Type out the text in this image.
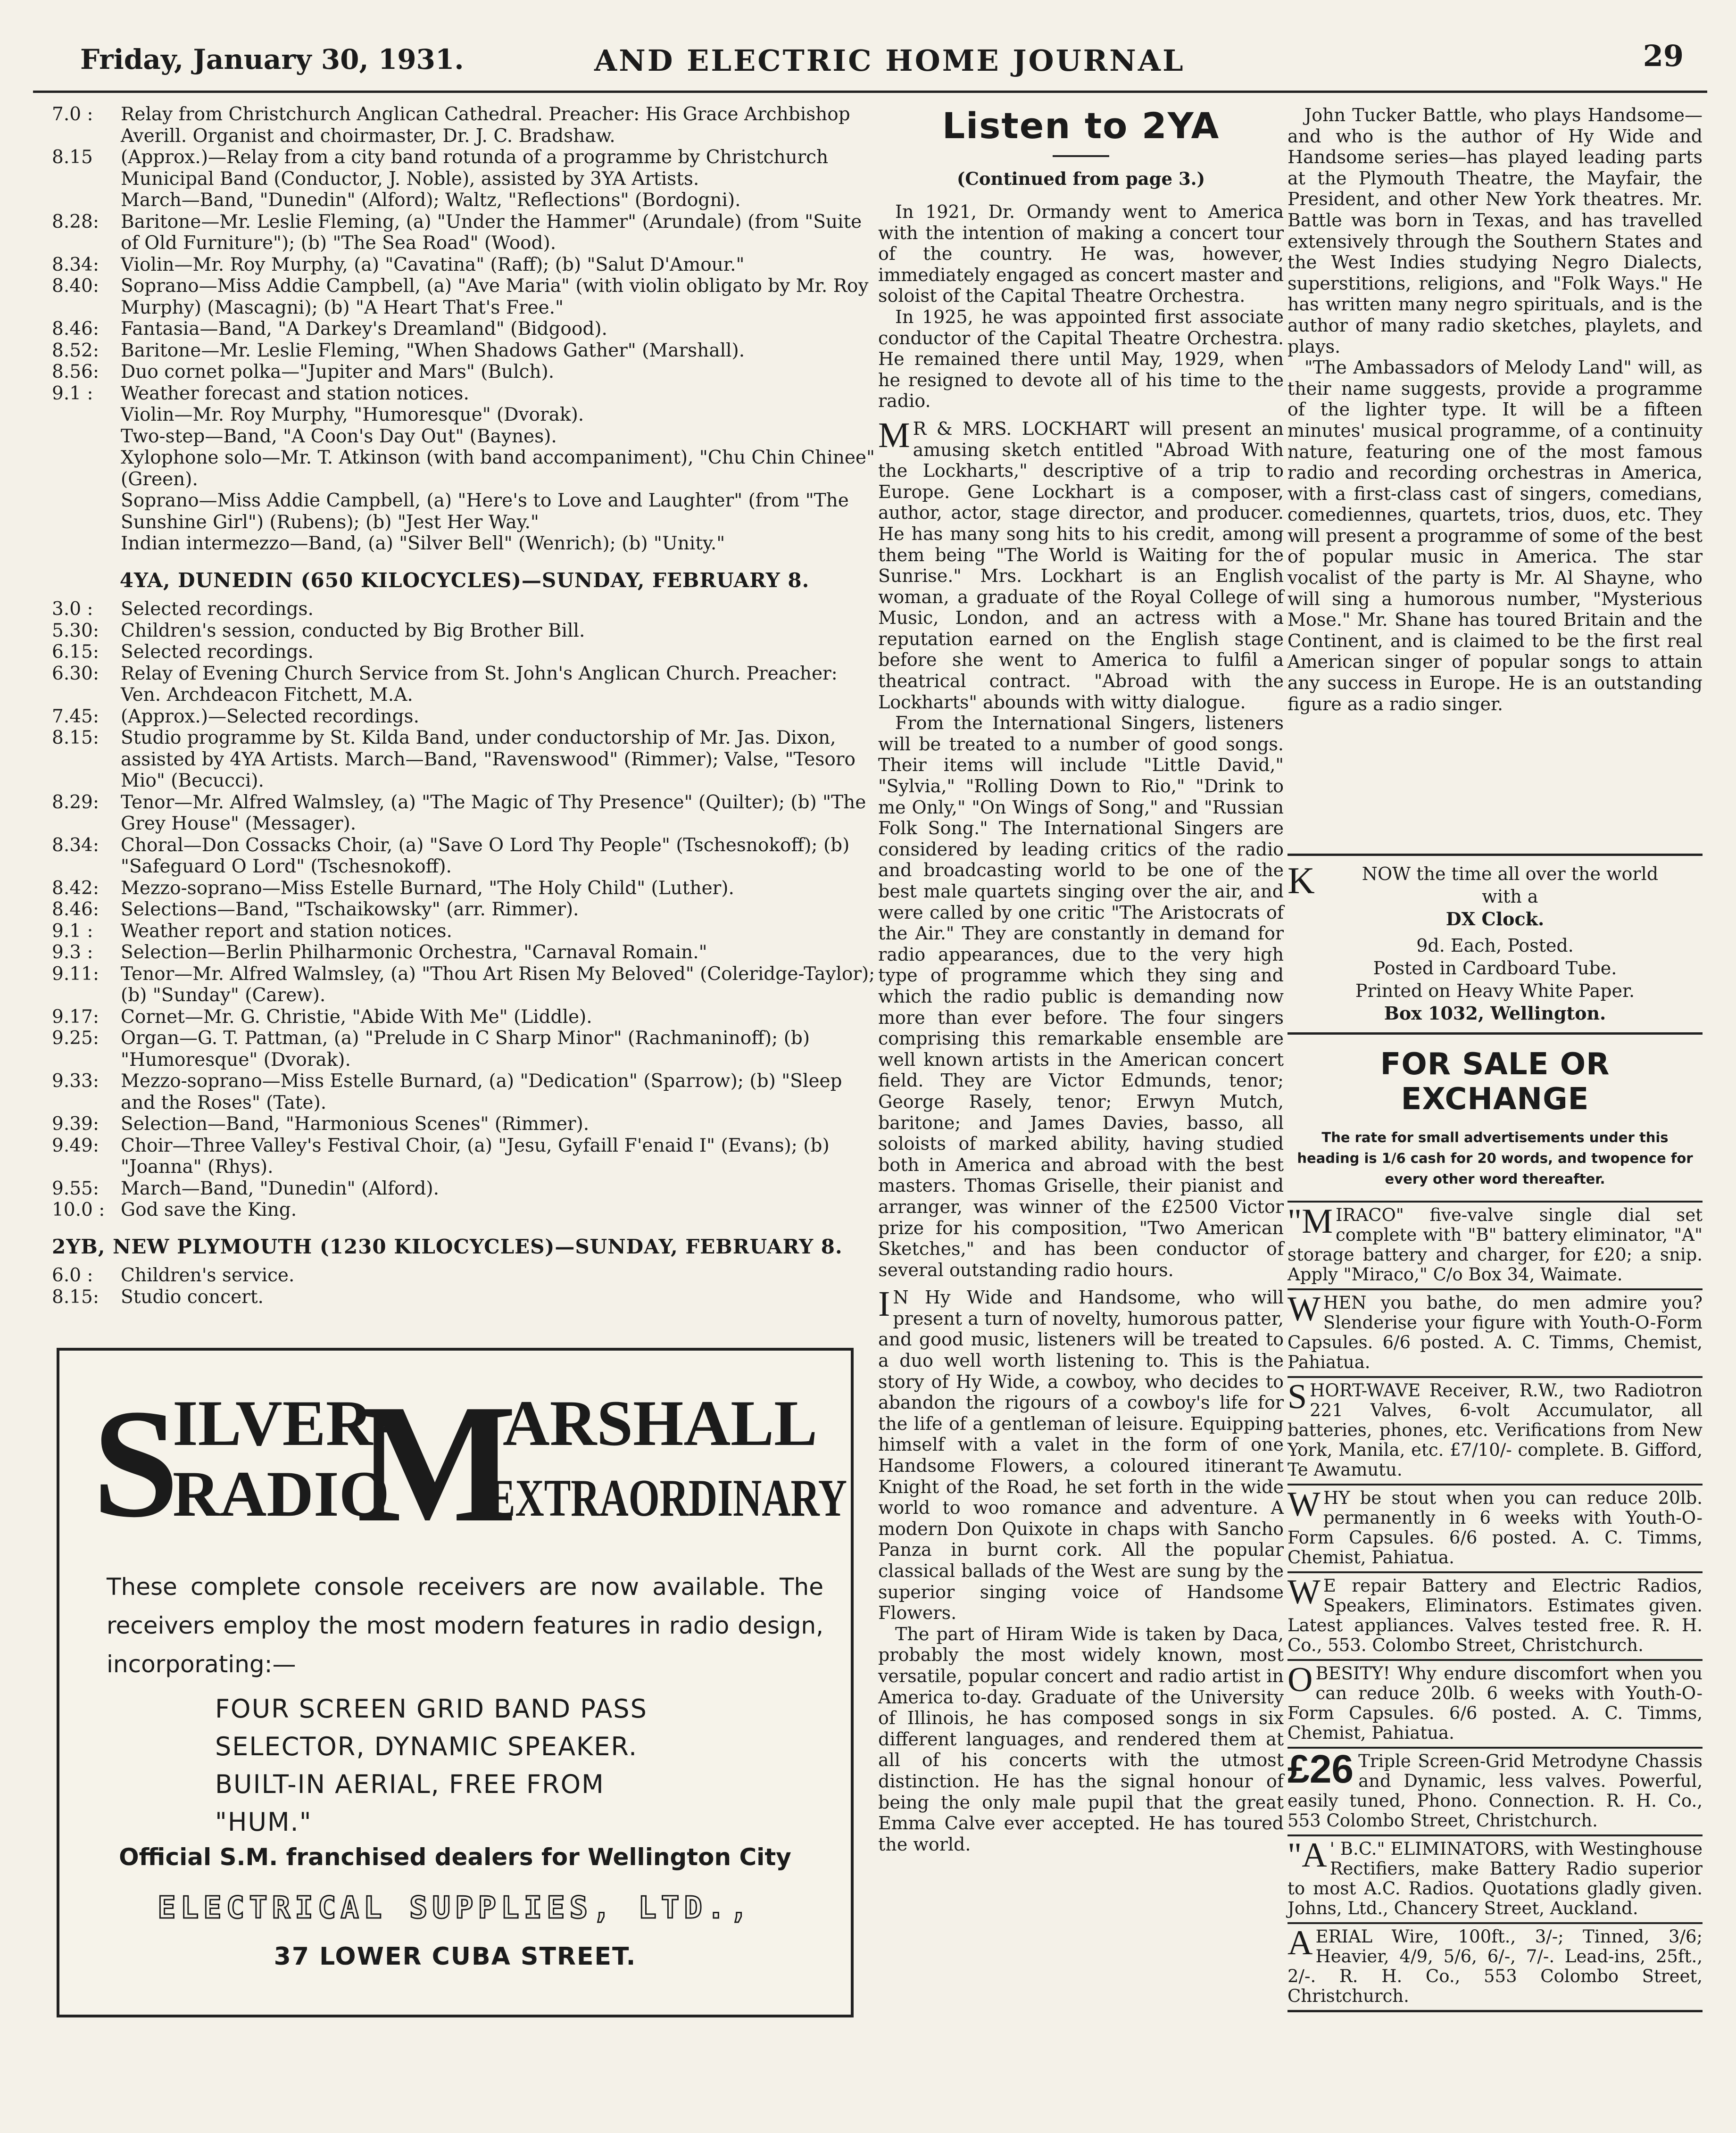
Friday, January 30, 1931.	AND ELECTRIC HOME JOURNAL	29
7.0 :	Relay from Christchurch Anglican Cathedral. Preacher: His Grace Archbishop Averill. Organist and choirmaster, Dr. J. C. Bradshaw.
8.15	(Approx.)—Relay from a city band rotunda of a programme by Christchurch Municipal Band (Conductor, J. Noble), assisted by 3YA Artists.
March—Band, "Dunedin" (Alford); Waltz, "Reflections" (Bordogni).
8.28:	Baritone—Mr. Leslie Fleming, (a) "Under the Hammer" (Arundale) (from "Suite of Old Furniture"); (b) "The Sea Road" (Wood).
8.34:	Violin—Mr. Roy Murphy, (a) "Cavatina" (Raff); (b) "Salut D'Amour."
8.40:	Soprano—Miss Addie Campbell, (a) "Ave Maria" (with violin obligato by Mr. Roy Murphy) (Mascagni); (b) "A Heart That's Free."
8.46:	Fantasia—Band, "A Darkey's Dreamland" (Bidgood).
8.52:	Baritone—Mr. Leslie Fleming, "When Shadows Gather" (Marshall).
8.56:	Duo cornet polka—"Jupiter and Mars" (Bulch).
9.1 :	Weather forecast and station notices.
Violin—Mr. Roy Murphy, "Humoresque" (Dvorak).
Two-step—Band, "A Coon's Day Out" (Baynes).
Xylophone solo—Mr. T. Atkinson (with band accompaniment), "Chu Chin Chinee" (Green).
Soprano—Miss Addie Campbell, (a) "Here's to Love and Laughter" (from "The Sunshine Girl") (Rubens); (b) "Jest Her Way."
Indian intermezzo—Band, (a) "Silver Bell" (Wenrich); (b) "Unity."
4YA, DUNEDIN (650 KILOCYCLES)—SUNDAY, FEBRUARY 8.
3.0 :	Selected recordings.
5.30:	Children's session, conducted by Big Brother Bill.
6.15:	Selected recordings.
6.30:	Relay of Evening Church Service from St. John's Anglican Church. Preacher: Ven. Archdeacon Fitchett, M.A.
7.45:	(Approx.)—Selected recordings.
8.15:	Studio programme by St. Kilda Band, under conductorship of Mr. Jas. Dixon, assisted by 4YA Artists. March—Band, "Ravenswood" (Rimmer); Valse, "Tesoro Mio" (Becucci).
8.29:	Tenor—Mr. Alfred Walmsley, (a) "The Magic of Thy Presence" (Quilter); (b) "The Grey House" (Messager).
8.34:	Choral—Don Cossacks Choir, (a) "Save O Lord Thy People" (Tschesnokoff); (b) "Safeguard O Lord" (Tschesnokoff).
8.42:	Mezzo-soprano—Miss Estelle Burnard, "The Holy Child" (Luther).
8.46:	Selections—Band, "Tschaikowsky" (arr. Rimmer).
9.1 :	Weather report and station notices.
9.3 :	Selection—Berlin Philharmonic Orchestra, "Carnaval Romain."
9.11:	Tenor—Mr. Alfred Walmsley, (a) "Thou Art Risen My Beloved" (Coleridge-Taylor); (b) "Sunday" (Carew).
9.17:	Cornet—Mr. G. Christie, "Abide With Me" (Liddle).
9.25:	Organ—G. T. Pattman, (a) "Prelude in C Sharp Minor" (Rachmaninoff); (b) "Humoresque" (Dvorak).
9.33:	Mezzo-soprano—Miss Estelle Burnard, (a) "Dedication" (Sparrow); (b) "Sleep and the Roses" (Tate).
9.39:	Selection—Band, "Harmonious Scenes" (Rimmer).
9.49:	Choir—Three Valley's Festival Choir, (a) "Jesu, Gyfaill F'enaid I" (Evans); (b) "Joanna" (Rhys).
9.55:	March—Band, "Dunedin" (Alford).
10.0 : God save the King.
2YB, NEW PLYMOUTH (1230 KILOCYCLES)—SUNDAY, FEBRUARY 8.
6.0 :	Children's service.
8.15:	Studio concert.
S
ILVER-
RADIO
M
ARSHALL
EXTRAORDINARY
These complete console receivers are now available. The receivers employ the most modern features in radio design, incorporating:—
FOUR SCREEN GRID BAND PASS
SELECTOR, DYNAMIC SPEAKER.
BUILT-IN AERIAL, FREE FROM
"HUM."
Official S.M. franchised dealers for Wellington City
ELECTRICAL SUPPLIES, LTD.,
37 LOWER CUBA STREET.
Listen to 2YA
(Continued from page 3.)

In 1921, Dr. Ormandy went to America with the intention of making a concert tour of the country. He was, however, immediately engaged as concert master and soloist of the Capital Theatre Orchestra.

In 1925, he was appointed first associate conductor of the Capital Theatre Orchestra. He remained there until May, 1929, when he resigned to devote all of his time to the radio.

M R & MRS. LOCKHART will present an amusing sketch entitled "Abroad With the Lockharts," descriptive of a trip to Europe. Gene Lockhart is a composer, author, actor, stage director, and producer. He has many song hits to his credit, among them being "The World is Waiting for the Sunrise." Mrs. Lockhart is an English woman, a graduate of the Royal College of Music, London, and an actress with a reputation earned on the English stage before she went to America to fulfil a theatrical contract. "Abroad with the Lockharts" abounds with witty dialogue.

From the International Singers, listeners will be treated to a number of good songs. Their items will include "Little David," "Sylvia," "Rolling Down to Rio," "Drink to me Only," "On Wings of Song," and "Russian Folk Song." The International Singers are considered by leading critics of the radio and broadcasting world to be one of the best male quartets singing over the air, and were called by one critic "The Aristocrats of the Air." They are constantly in demand for radio appearances, due to the very high type of programme which they sing and which the radio public is demanding now more than ever before. The four singers comprising this remarkable ensemble are well known artists in the American concert field. They are Victor Edmunds, tenor; George Rasely, tenor; Erwyn Mutch, baritone; and James Davies, basso, all soloists of marked ability, having studied both in America and abroad with the best masters. Thomas Griselle, their pianist and arranger, was winner of the £2500 Victor prize for his composition, "Two American Sketches," and has been conductor of several outstanding radio hours.

I N Hy Wide and Handsome, who will present a turn of novelty, humorous patter, and good music, listeners will be treated to a duo well worth listening to. This is the story of Hy Wide, a cowboy, who decides to abandon the rigours of a cowboy's life for the life of a gentleman of leisure. Equipping himself with a valet in the form of one Handsome Flowers, a coloured itinerant Knight of the Road, he set forth in the wide world to woo romance and adventure. A modern Don Quixote in chaps with Sancho Panza in burnt cork. All the popular classical ballads of the West are sung by the superior singing voice of Handsome Flowers.

The part of Hiram Wide is taken by Daca, probably the most widely known, most versatile, popular concert and radio artist in America to-day. Graduate of the University of Illinois, he has composed songs in six different languages, and rendered them at all of his concerts with the utmost distinction. He has the signal honour of being the only male pupil that the great Emma Calve ever accepted. He has toured the world.

John Tucker Battle, who plays Handsome—and who is the author of Hy Wide and Handsome series—has played leading parts at the Plymouth Theatre, the Mayfair, the President, and other New York theatres. Mr. Battle was born in Texas, and has travelled extensively through the Southern States and the West Indies studying Negro Dialects, superstitions, religions, and "Folk Ways." He has written many negro spirituals, and is the author of many radio sketches, playlets, and plays.

"The Ambassadors of Melody Land" will, as their name suggests, provide a programme of the lighter type. It will be a fifteen minutes' musical programme, of a continuity nature, featuring one of the most famous radio and recording orchestras in America, with a first-class cast of singers, comedians, comediennes, quartets, trios, duos, etc. They will present a programme of some of the best of popular music in America. The star vocalist of the party is Mr. Al Shayne, who will sing a humorous number, "Mysterious Mose." Mr. Shane has toured Britain and the Continent, and is claimed to be the first real American singer of popular songs to attain any success in Europe. He is an outstanding figure as a radio singer.

K	NOW the time all over the world
with a
DX Clock.
9d. Each, Posted.
Posted in Cardboard Tube.
Printed on Heavy White Paper.
Box 1032, Wellington.
FOR SALE OR EXCHANGE
The rate for small advertisements under this heading is 1/6 cash for 20 words, and twopence for every other word thereafter.
"MIRACO" five-valve single dial set complete with "B" battery eliminator, "A" storage battery and charger, for £20; a snip. Apply "Miraco," C/o Box 34, Waimate.
WHEN you bathe, do men admire you? Slenderise your figure with Youth-O-Form Capsules. 6/6 posted. A. C. Timms, Chemist, Pahiatua.
SHORT-WAVE Receiver, R.W., two Radiotron 221 Valves, 6-volt Accumulator, all batteries, phones, etc. Verifications from New York, Manila, etc. £7/10/- complete. B. Gifford, Te Awamutu.
WHY be stout when you can reduce 20lb. permanently in 6 weeks with Youth-O-Form Capsules. 6/6 posted. A. C. Timms, Chemist, Pahiatua.
W E repair Battery and Electric Radios, Speakers, Eliminators. Estimates given. Latest appliances. Valves tested free. R. H. Co., 553. Colombo Street, Christchurch.
OBESITY! Why endure discomfort when you can reduce 20lb. 6 weeks with Youth-O-Form Capsules. 6/6 posted. A. C. Timms, Chemist, Pahiatua.
£26 Triple Screen-Grid Metrodyne Chassis and Dynamic, less valves. Powerful, easily tuned, Phono. Connection. R. H. Co., 553 Colombo Street, Christchurch.
"A ' B.C." ELIMINATORS, with Westinghouse Rectifiers, make Battery Radio superior to most A.C. Radios. Quotations gladly given. Johns, Ltd., Chancery Street, Auckland.
AERIAL Wire, 100ft., 3/-; Tinned, 3/6; Heavier, 4/9, 5/6, 6/-, 7/-. Lead-ins, 25ft., 2/-. R. H. Co., 553 Colombo Street, Christchurch.
